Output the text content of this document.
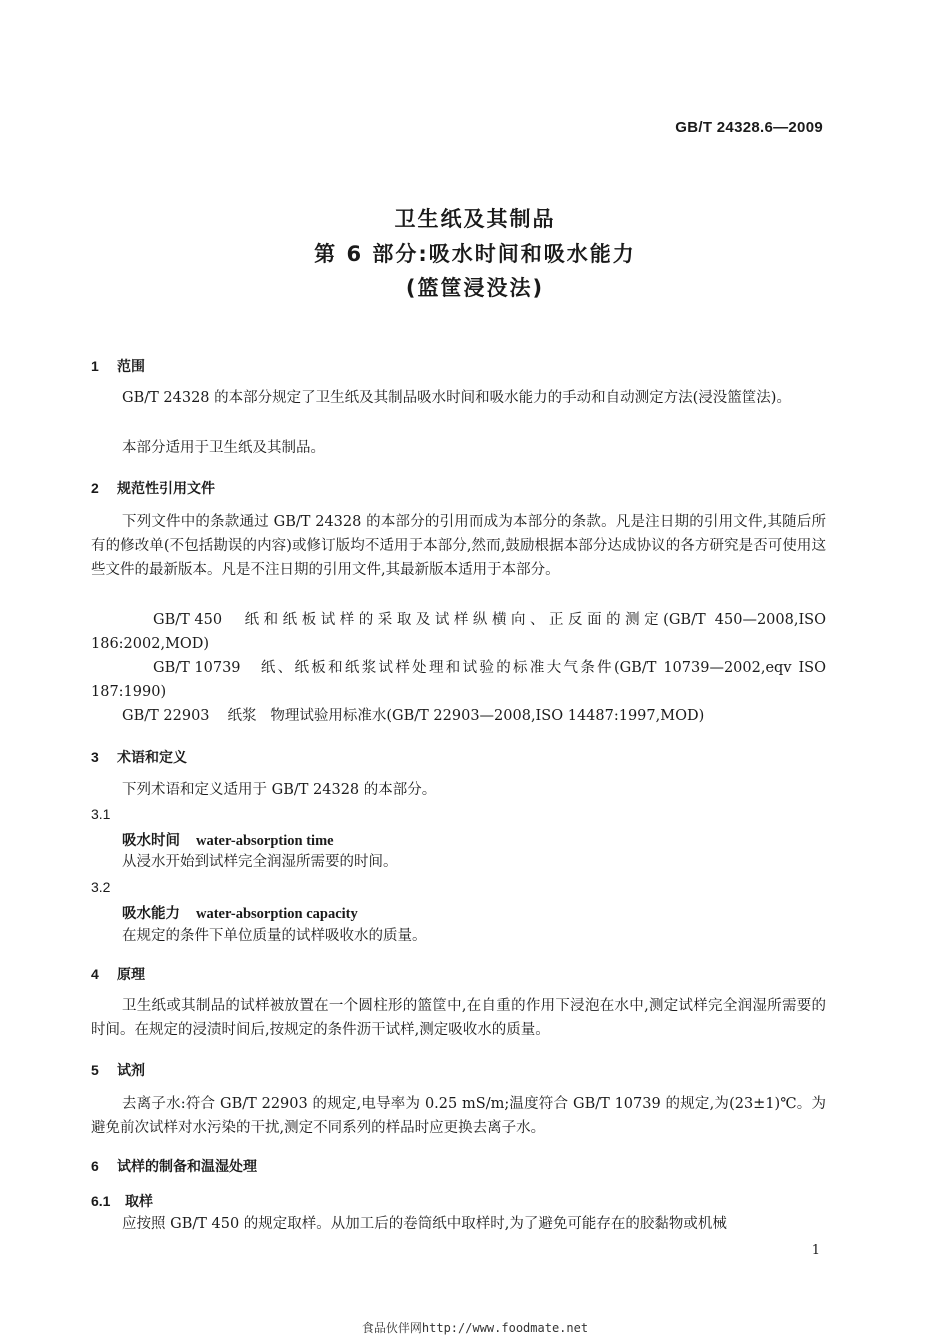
GB/T 24328.6—2009
卫生纸及其制品
第 6 部分:吸水时间和吸水能力
(篮筐浸没法)
1 范围
GB/T 24328 的本部分规定了卫生纸及其制品吸水时间和吸水能力的手动和自动测定方法(浸没篮筐法)。
本部分适用于卫生纸及其制品。
2 规范性引用文件
下列文件中的条款通过 GB/T 24328 的本部分的引用而成为本部分的条款。凡是注日期的引用文件,其随后所有的修改单(不包括勘误的内容)或修订版均不适用于本部分,然而,鼓励根据本部分达成协议的各方研究是否可使用这些文件的最新版本。凡是不注日期的引用文件,其最新版本适用于本部分。
GB/T 450 纸和纸板试样的采取及试样纵横向、正反面的测定(GB/T 450—2008,ISO 186:2002,MOD)
GB/T 10739 纸、纸板和纸浆试样处理和试验的标准大气条件(GB/T 10739—2002,eqv ISO 187:1990)
GB/T 22903 纸浆   物理试验用标准水(GB/T 22903—2008,ISO 14487:1997,MOD)
3 术语和定义
下列术语和定义适用于 GB/T 24328 的本部分。
3.1
吸水时间 water-absorption time
从浸水开始到试样完全润湿所需要的时间。
3.2
吸水能力 water-absorption capacity
在规定的条件下单位质量的试样吸收水的质量。
4 原理
卫生纸或其制品的试样被放置在一个圆柱形的篮筐中,在自重的作用下浸泡在水中,测定试样完全润湿所需要的时间。在规定的浸渍时间后,按规定的条件沥干试样,测定吸收水的质量。
5 试剂
去离子水:符合 GB/T 22903 的规定,电导率为 0.25 mS/m;温度符合 GB/T 10739 的规定,为(23±1)℃。为避免前次试样对水污染的干扰,测定不同系列的样品时应更换去离子水。
6 试样的制备和温湿处理
6.1 取样
应按照 GB/T 450 的规定取样。从加工后的卷筒纸中取样时,为了避免可能存在的胶黏物或机械
1
食品伙伴网http://www.foodmate.net
